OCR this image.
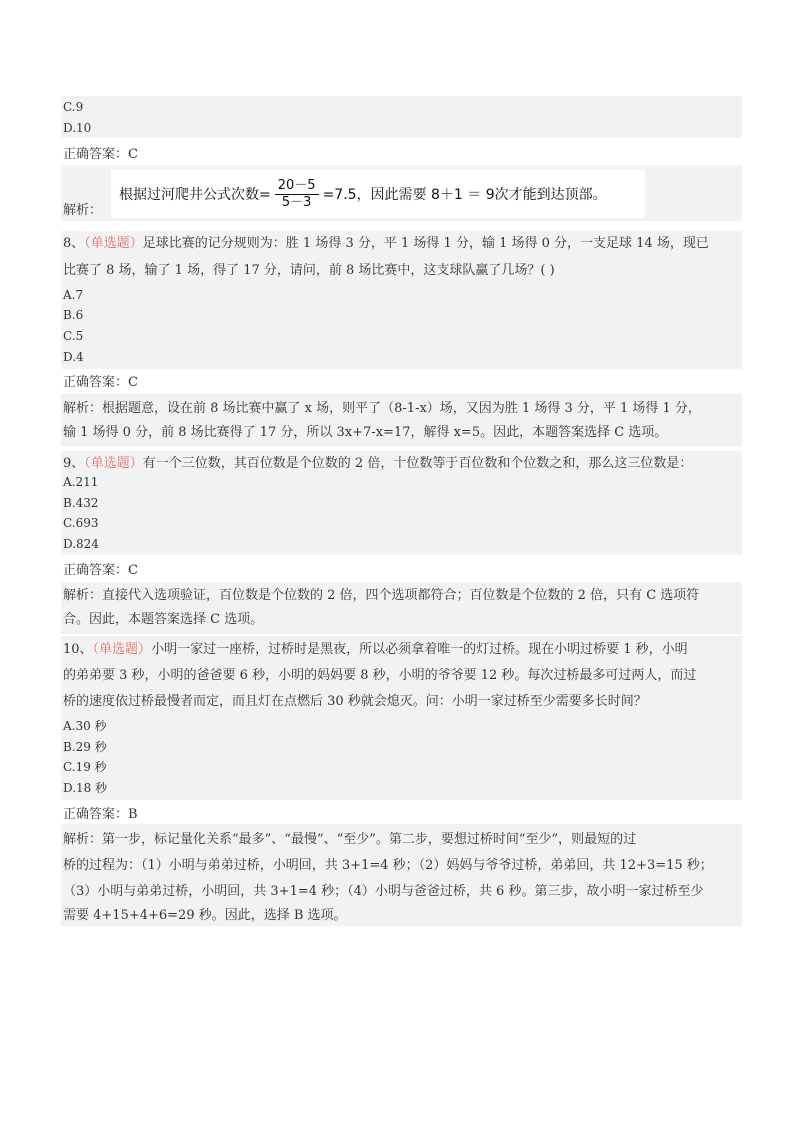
C.9
D.10
正确答案：C
解析：
根据过河爬井公式次数= $\frac{20-5}{5-3} =7.5$，因此需要 8＋1 ＝ 9次才能到达顶部。
8、（单选题）足球比赛的记分规则为：胜 1 场得 3 分，平 1 场得 1 分，输 1 场得 0 分，一支足球 14 场，现已
比赛了 8 场，输了 1 场，得了 17 分，请问，前 8 场比赛中，这支球队赢了几场？( )
A.7
B.6
C.5
D.4
正确答案：C
解析：根据题意，设在前 8 场比赛中赢了 x 场，则平了（8-1-x）场，又因为胜 1 场得 3 分，平 1 场得 1 分，
输 1 场得 0 分，前 8 场比赛得了 17 分，所以 3x+7-x=17，解得 x=5。因此，本题答案选择 C 选项。
9、（单选题）有一个三位数，其百位数是个位数的 2 倍，十位数等于百位数和个位数之和，那么这三位数是：
A.211
B.432
C.693
D.824
正确答案：C
解析：直接代入选项验证，百位数是个位数的 2 倍，四个选项都符合；百位数是个位数的 2 倍，只有 C 选项符
合。因此，本题答案选择 C 选项。
10、（单选题）小明一家过一座桥，过桥时是黑夜，所以必须拿着唯一的灯过桥。现在小明过桥要 1 秒，小明
的弟弟要 3 秒，小明的爸爸要 6 秒，小明的妈妈要 8 秒，小明的爷爷要 12 秒。每次过桥最多可过两人，而过
桥的速度依过桥最慢者而定，而且灯在点燃后 30 秒就会熄灭。问：小明一家过桥至少需要多长时间？
A.30 秒
B.29 秒
C.19 秒
D.18 秒
正确答案：B
解析：第一步，标记量化关系“最多”、“最慢”、“至少”。第二步，要想过桥时间“至少”，则最短的过
桥的过程为：（1）小明与弟弟过桥，小明回，共 3+1=4 秒；（2）妈妈与爷爷过桥，弟弟回，共 12+3=15 秒；
（3）小明与弟弟过桥，小明回，共 3+1=4 秒；（4）小明与爸爸过桥，共 6 秒。第三步，故小明一家过桥至少
需要 4+15+4+6=29 秒。因此，选择 B 选项。
